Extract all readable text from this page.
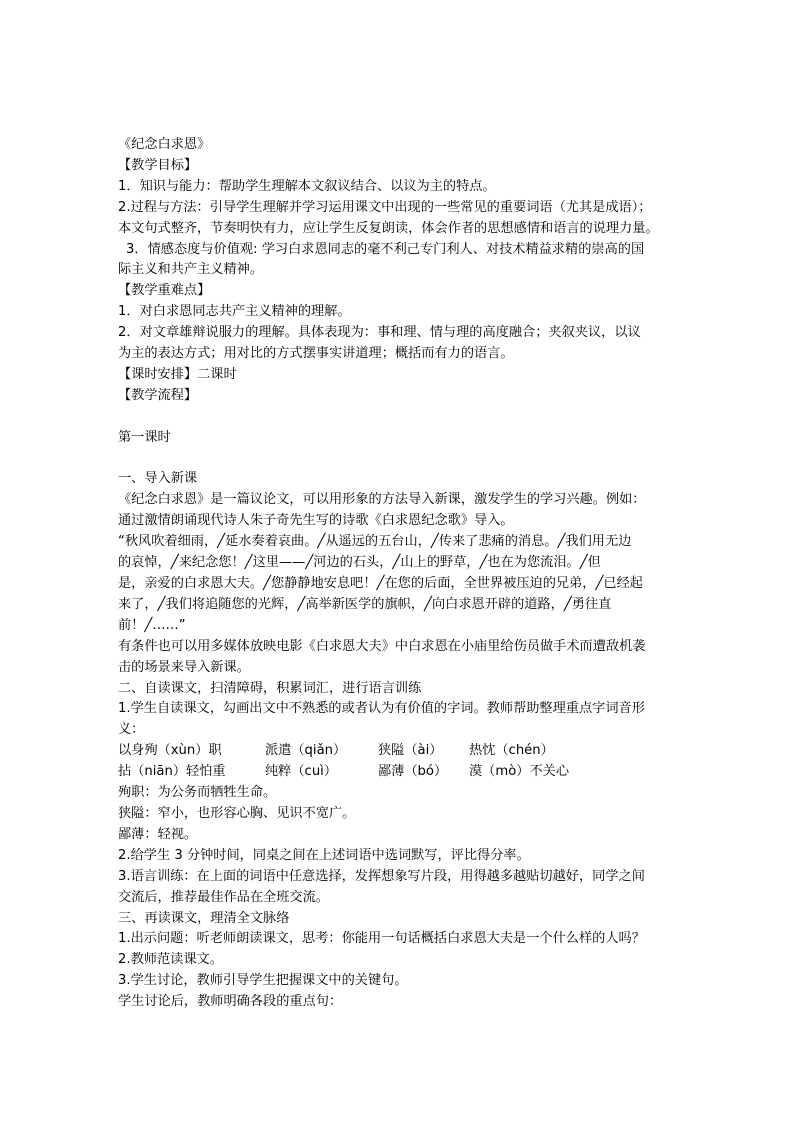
《纪念白求恩》

【教学目标】

1．知识与能力：帮助学生理解本文叙议结合、以议为主的特点。

2.过程与方法：引导学生理解并学习运用课文中出现的一些常见的重要词语（尤其是成语）；

本文句式整齐，节奏明快有力，应让学生反复朗读，体会作者的思想感情和语言的说理力量。

3．情感态度与价值观: 学习白求恩同志的毫不利己专门利人、对技术精益求精的崇高的国

际主义和共产主义精神。

【教学重难点】

1．对白求恩同志共产主义精神的理解。

2．对文章雄辩说服力的理解。具体表现为：事和理、情与理的高度融合；夹叙夹议，以议

为主的表达方式；用对比的方式摆事实讲道理；概括而有力的语言。

【课时安排】二课时

【教学流程】

第一课时

一、导入新课

《纪念白求恩》是一篇议论文，可以用形象的方法导入新课，激发学生的学习兴趣。例如：

通过激情朗诵现代诗人朱子奇先生写的诗歌《白求恩纪念歌》导入。

“秋风吹着细雨，╱延水奏着哀曲。╱从遥远的五台山，╱传来了悲痛的消息。╱我们用无边

的哀悼，╱来纪念您！╱这里——╱河边的石头，╱山上的野草，╱也在为您流泪。╱但

是，亲爱的白求恩大夫。╱您静静地安息吧！╱在您的后面，全世界被压迫的兄弟，╱已经起

来了，╱我们将追随您的光辉，╱高举新医学的旗帜，╱向白求恩开辟的道路，╱勇往直

前！╱……”

有条件也可以用多媒体放映电影《白求恩大夫》中白求恩在小庙里给伤员做手术而遭敌机袭

击的场景来导入新课。

二、自读课文，扫清障碍，积累词汇，进行语言训练

1.学生自读课文，勾画出文中不熟悉的或者认为有价值的字词。教师帮助整理重点字词音形

义：

以身殉（xùn）职	派遣（qiǎn）	狭隘（ài）	热忱（chén）
拈（niān）轻怕重	纯粹（cuì）	鄙薄（bó）	漠（mò）不关心

殉职：为公务而牺牲生命。

狭隘：窄小，也形容心胸、见识不宽广。

鄙薄：轻视。

2.给学生 3 分钟时间，同桌之间在上述词语中选词默写，评比得分率。

3.语言训练：在上面的词语中任意选择，发挥想象写片段，用得越多越贴切越好，同学之间

交流后，推荐最佳作品在全班交流。

三、再读课文，理清全文脉络

1.出示问题：听老师朗读课文，思考：你能用一句话概括白求恩大夫是一个什么样的人吗？

2.教师范读课文。

3.学生讨论，教师引导学生把握课文中的关键句。

学生讨论后，教师明确各段的重点句：
